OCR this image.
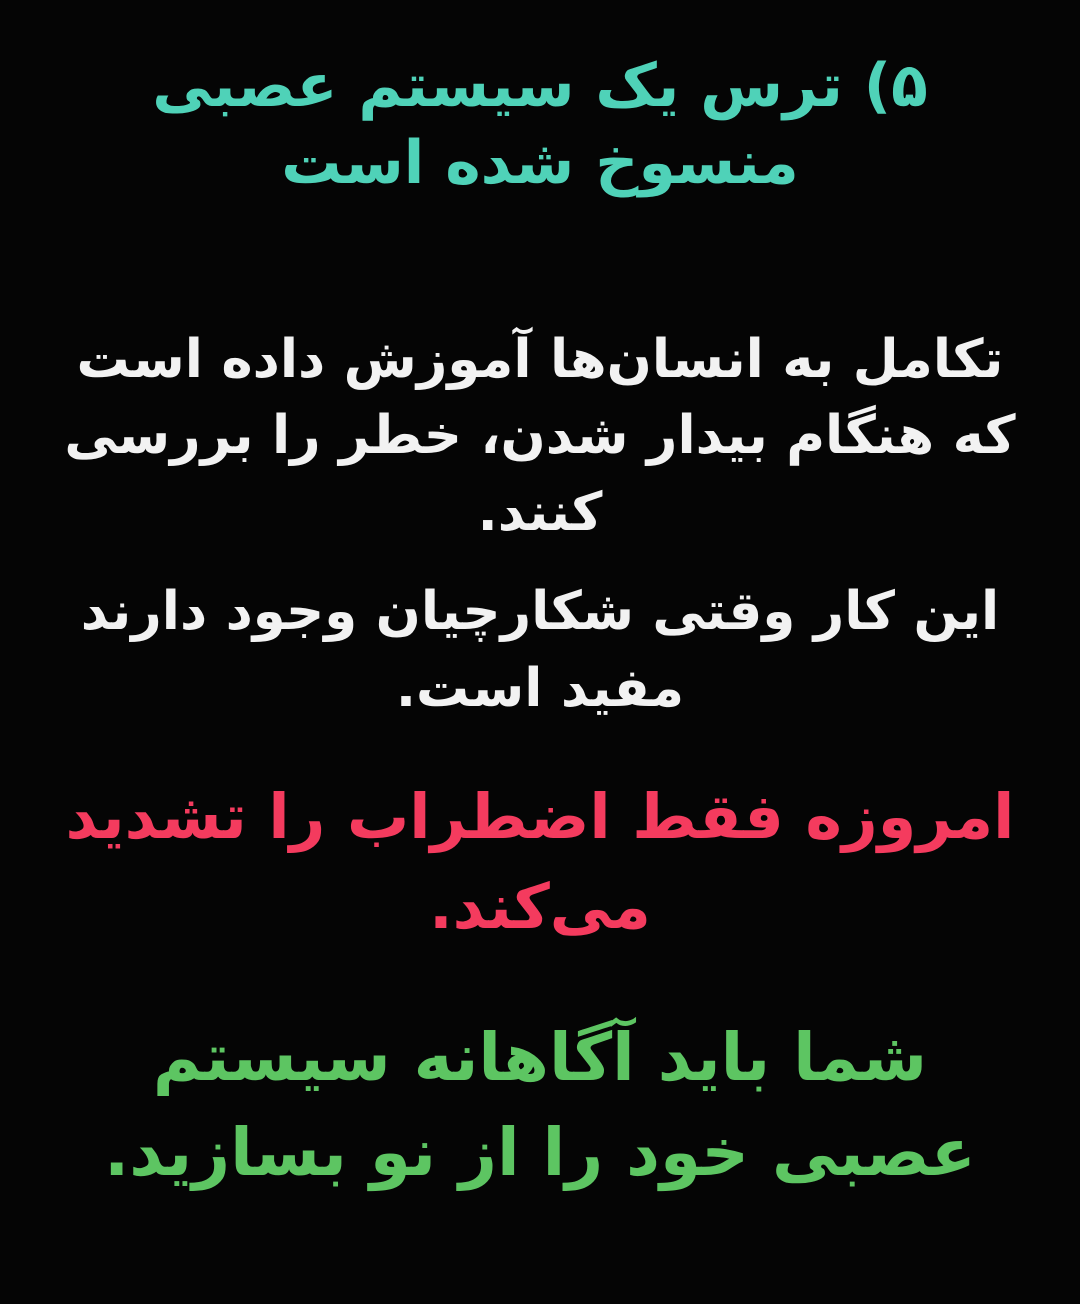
۵) ترس یک سیستم عصبی منسوخ شده است
تکامل به انسان‌ها آموزش داده است که هنگام بیدار شدن، خطر را بررسی کنند.
این کار وقتی شکارچیان وجود دارند مفید است.
امروزه فقط اضطراب را تشدید می‌کند.
شما باید آگاهانه سیستم عصبی خود را از نو بسازید.
